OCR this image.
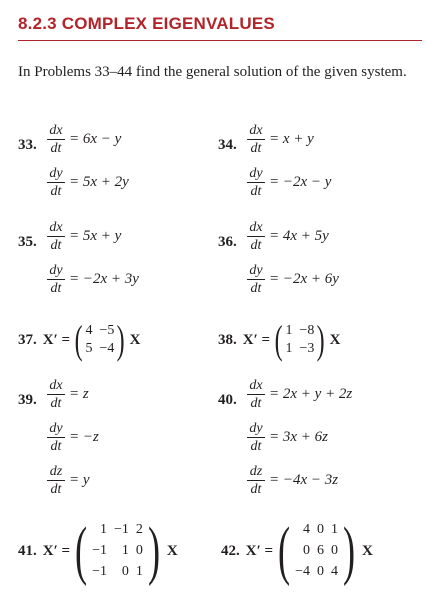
8.2.3 COMPLEX EIGENVALUES

In Problems 33–44 find the general solution of the given system.

33. $\frac{dx}{dt} = 6x - y$
$\frac{dy}{dt} = 5x + 2y$
34. $\frac{dx}{dt} = x + y$
$\frac{dy}{dt} = -2x - y$
35. $\frac{dx}{dt} = 5x + y$
$\frac{dy}{dt} = -2x + 3y$
36. $\frac{dx}{dt} = 4x + 5y$
$\frac{dy}{dt} = -2x + 6y$
37. X′ = ( 4 −5
5 −4 ) X	38. X′ = ( 1 −8
1 −3 ) X
39. $\frac{dx}{dt} = z$
$\frac{dy}{dt} = -z$
$\frac{dz}{dt} = y$
40. $\frac{dx}{dt} = 2x + y + 2z$
$\frac{dy}{dt} = 3x + 6z$
$\frac{dz}{dt} = -4x - 3z$
41. X′ = ( 1 −1 2
−1	1 0
−1	0 1 ) X	42. X′ = ( 4 0 1
0 6 0
−4 0 4 ) X
